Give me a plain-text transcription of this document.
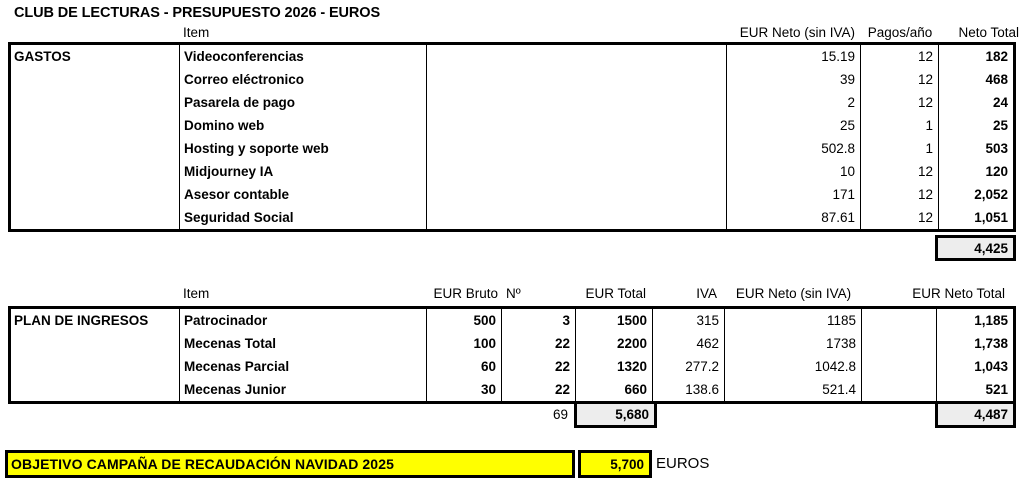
CLUB DE LECTURAS - PRESUPUESTO 2026 - EUROS
Item	EUR Neto (sin IVA) Pagos/año	Neto Total
GASTOS	Videoconferencias	15.19	12	182
Correo eléctronico	39	12	468
Pasarela de pago	2	12	24
Domino web	25	1	25
Hosting y soporte web	502.8	1	503
Midjourney IA	10	12	120
Asesor contable	171	12	2,052
Seguridad Social	87.61	12	1,051
4,425
Item	EUR Bruto Nº	EUR Total	IVA	EUR Neto (sin IVA)	EUR Neto Total
PLAN DE INGRESOS	Patrocinador	500	3	1500	315	1185	1,185
Mecenas Total	100	22	2200	462	1738	1,738
Mecenas Parcial	60	22	1320	277.2	1042.8	1,043
Mecenas Junior	30	22	660	138.6	521.4	521
69	5,680	4,487
OBJETIVO CAMPAÑA DE RECAUDACIÓN NAVIDAD 2025	5,700 EUROS
